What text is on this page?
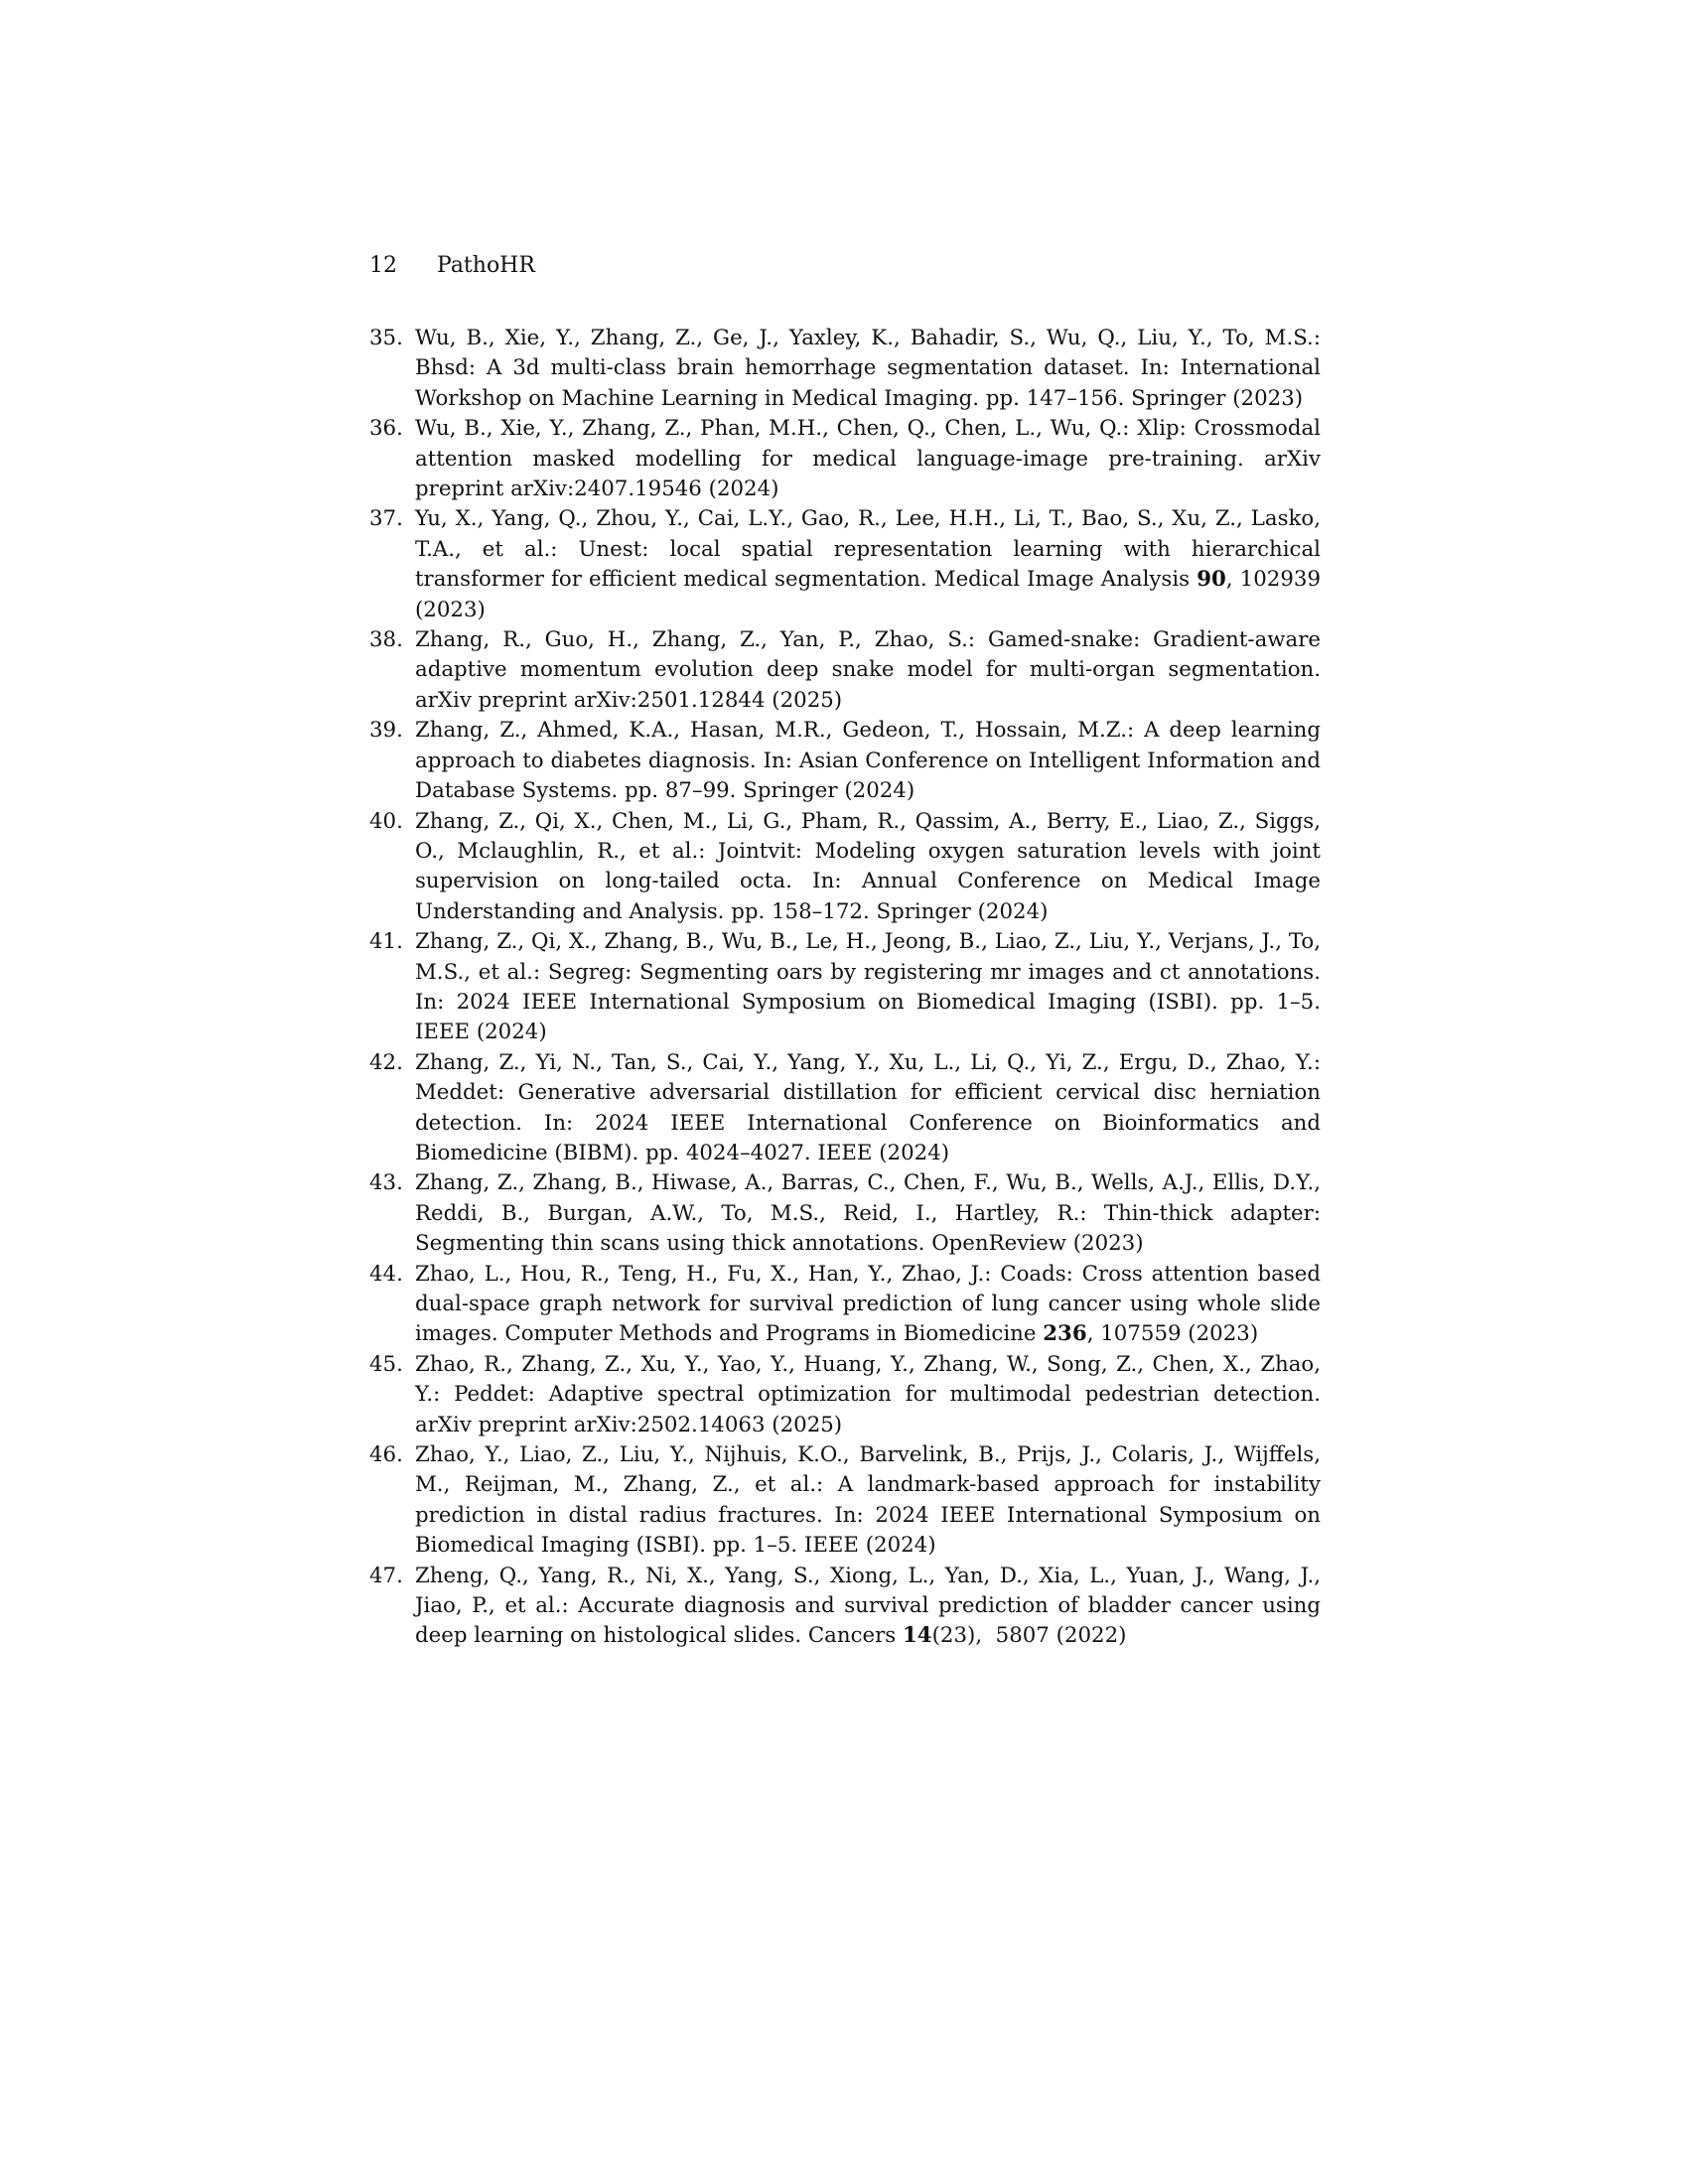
12 PathoHR
35. Wu, B., Xie, Y., Zhang, Z., Ge, J., Yaxley, K., Bahadir, S., Wu, Q., Liu, Y., To, M.S.: Bhsd: A 3d multi-class brain hemorrhage segmentation dataset. In: International Workshop on Machine Learning in Medical Imaging. pp. 147–156. Springer (2023)
36. Wu, B., Xie, Y., Zhang, Z., Phan, M.H., Chen, Q., Chen, L., Wu, Q.: Xlip: Crossmodal attention masked modelling for medical language-image pre-training. arXiv preprint arXiv:2407.19546 (2024)
37. Yu, X., Yang, Q., Zhou, Y., Cai, L.Y., Gao, R., Lee, H.H., Li, T., Bao, S., Xu, Z., Lasko, T.A., et al.: Unest: local spatial representation learning with hierarchical transformer for efficient medical segmentation. Medical Image Analysis 90, 102939 (2023)
38. Zhang, R., Guo, H., Zhang, Z., Yan, P., Zhao, S.: Gamed-snake: Gradient-aware adaptive momentum evolution deep snake model for multi-organ segmentation. arXiv preprint arXiv:2501.12844 (2025)
39. Zhang, Z., Ahmed, K.A., Hasan, M.R., Gedeon, T., Hossain, M.Z.: A deep learning approach to diabetes diagnosis. In: Asian Conference on Intelligent Information and Database Systems. pp. 87–99. Springer (2024)
40. Zhang, Z., Qi, X., Chen, M., Li, G., Pham, R., Qassim, A., Berry, E., Liao, Z., Siggs, O., Mclaughlin, R., et al.: Jointvit: Modeling oxygen saturation levels with joint supervision on long-tailed octa. In: Annual Conference on Medical Image Understanding and Analysis. pp. 158–172. Springer (2024)
41. Zhang, Z., Qi, X., Zhang, B., Wu, B., Le, H., Jeong, B., Liao, Z., Liu, Y., Verjans, J., To, M.S., et al.: Segreg: Segmenting oars by registering mr images and ct annotations. In: 2024 IEEE International Symposium on Biomedical Imaging (ISBI). pp. 1–5. IEEE (2024)
42. Zhang, Z., Yi, N., Tan, S., Cai, Y., Yang, Y., Xu, L., Li, Q., Yi, Z., Ergu, D., Zhao, Y.: Meddet: Generative adversarial distillation for efficient cervical disc herniation detection. In: 2024 IEEE International Conference on Bioinformatics and Biomedicine (BIBM). pp. 4024–4027. IEEE (2024)
43. Zhang, Z., Zhang, B., Hiwase, A., Barras, C., Chen, F., Wu, B., Wells, A.J., Ellis, D.Y., Reddi, B., Burgan, A.W., To, M.S., Reid, I., Hartley, R.: Thin-thick adapter: Segmenting thin scans using thick annotations. OpenReview (2023)
44. Zhao, L., Hou, R., Teng, H., Fu, X., Han, Y., Zhao, J.: Coads: Cross attention based dual-space graph network for survival prediction of lung cancer using whole slide images. Computer Methods and Programs in Biomedicine 236, 107559 (2023)
45. Zhao, R., Zhang, Z., Xu, Y., Yao, Y., Huang, Y., Zhang, W., Song, Z., Chen, X., Zhao, Y.: Peddet: Adaptive spectral optimization for multimodal pedestrian detection. arXiv preprint arXiv:2502.14063 (2025)
46. Zhao, Y., Liao, Z., Liu, Y., Nijhuis, K.O., Barvelink, B., Prijs, J., Colaris, J., Wijffels, M., Reijman, M., Zhang, Z., et al.: A landmark-based approach for instability prediction in distal radius fractures. In: 2024 IEEE International Symposium on Biomedical Imaging (ISBI). pp. 1–5. IEEE (2024)
47. Zheng, Q., Yang, R., Ni, X., Yang, S., Xiong, L., Yan, D., Xia, L., Yuan, J., Wang, J., Jiao, P., et al.: Accurate diagnosis and survival prediction of bladder cancer using deep learning on histological slides. Cancers 14(23),  5807 (2022)
